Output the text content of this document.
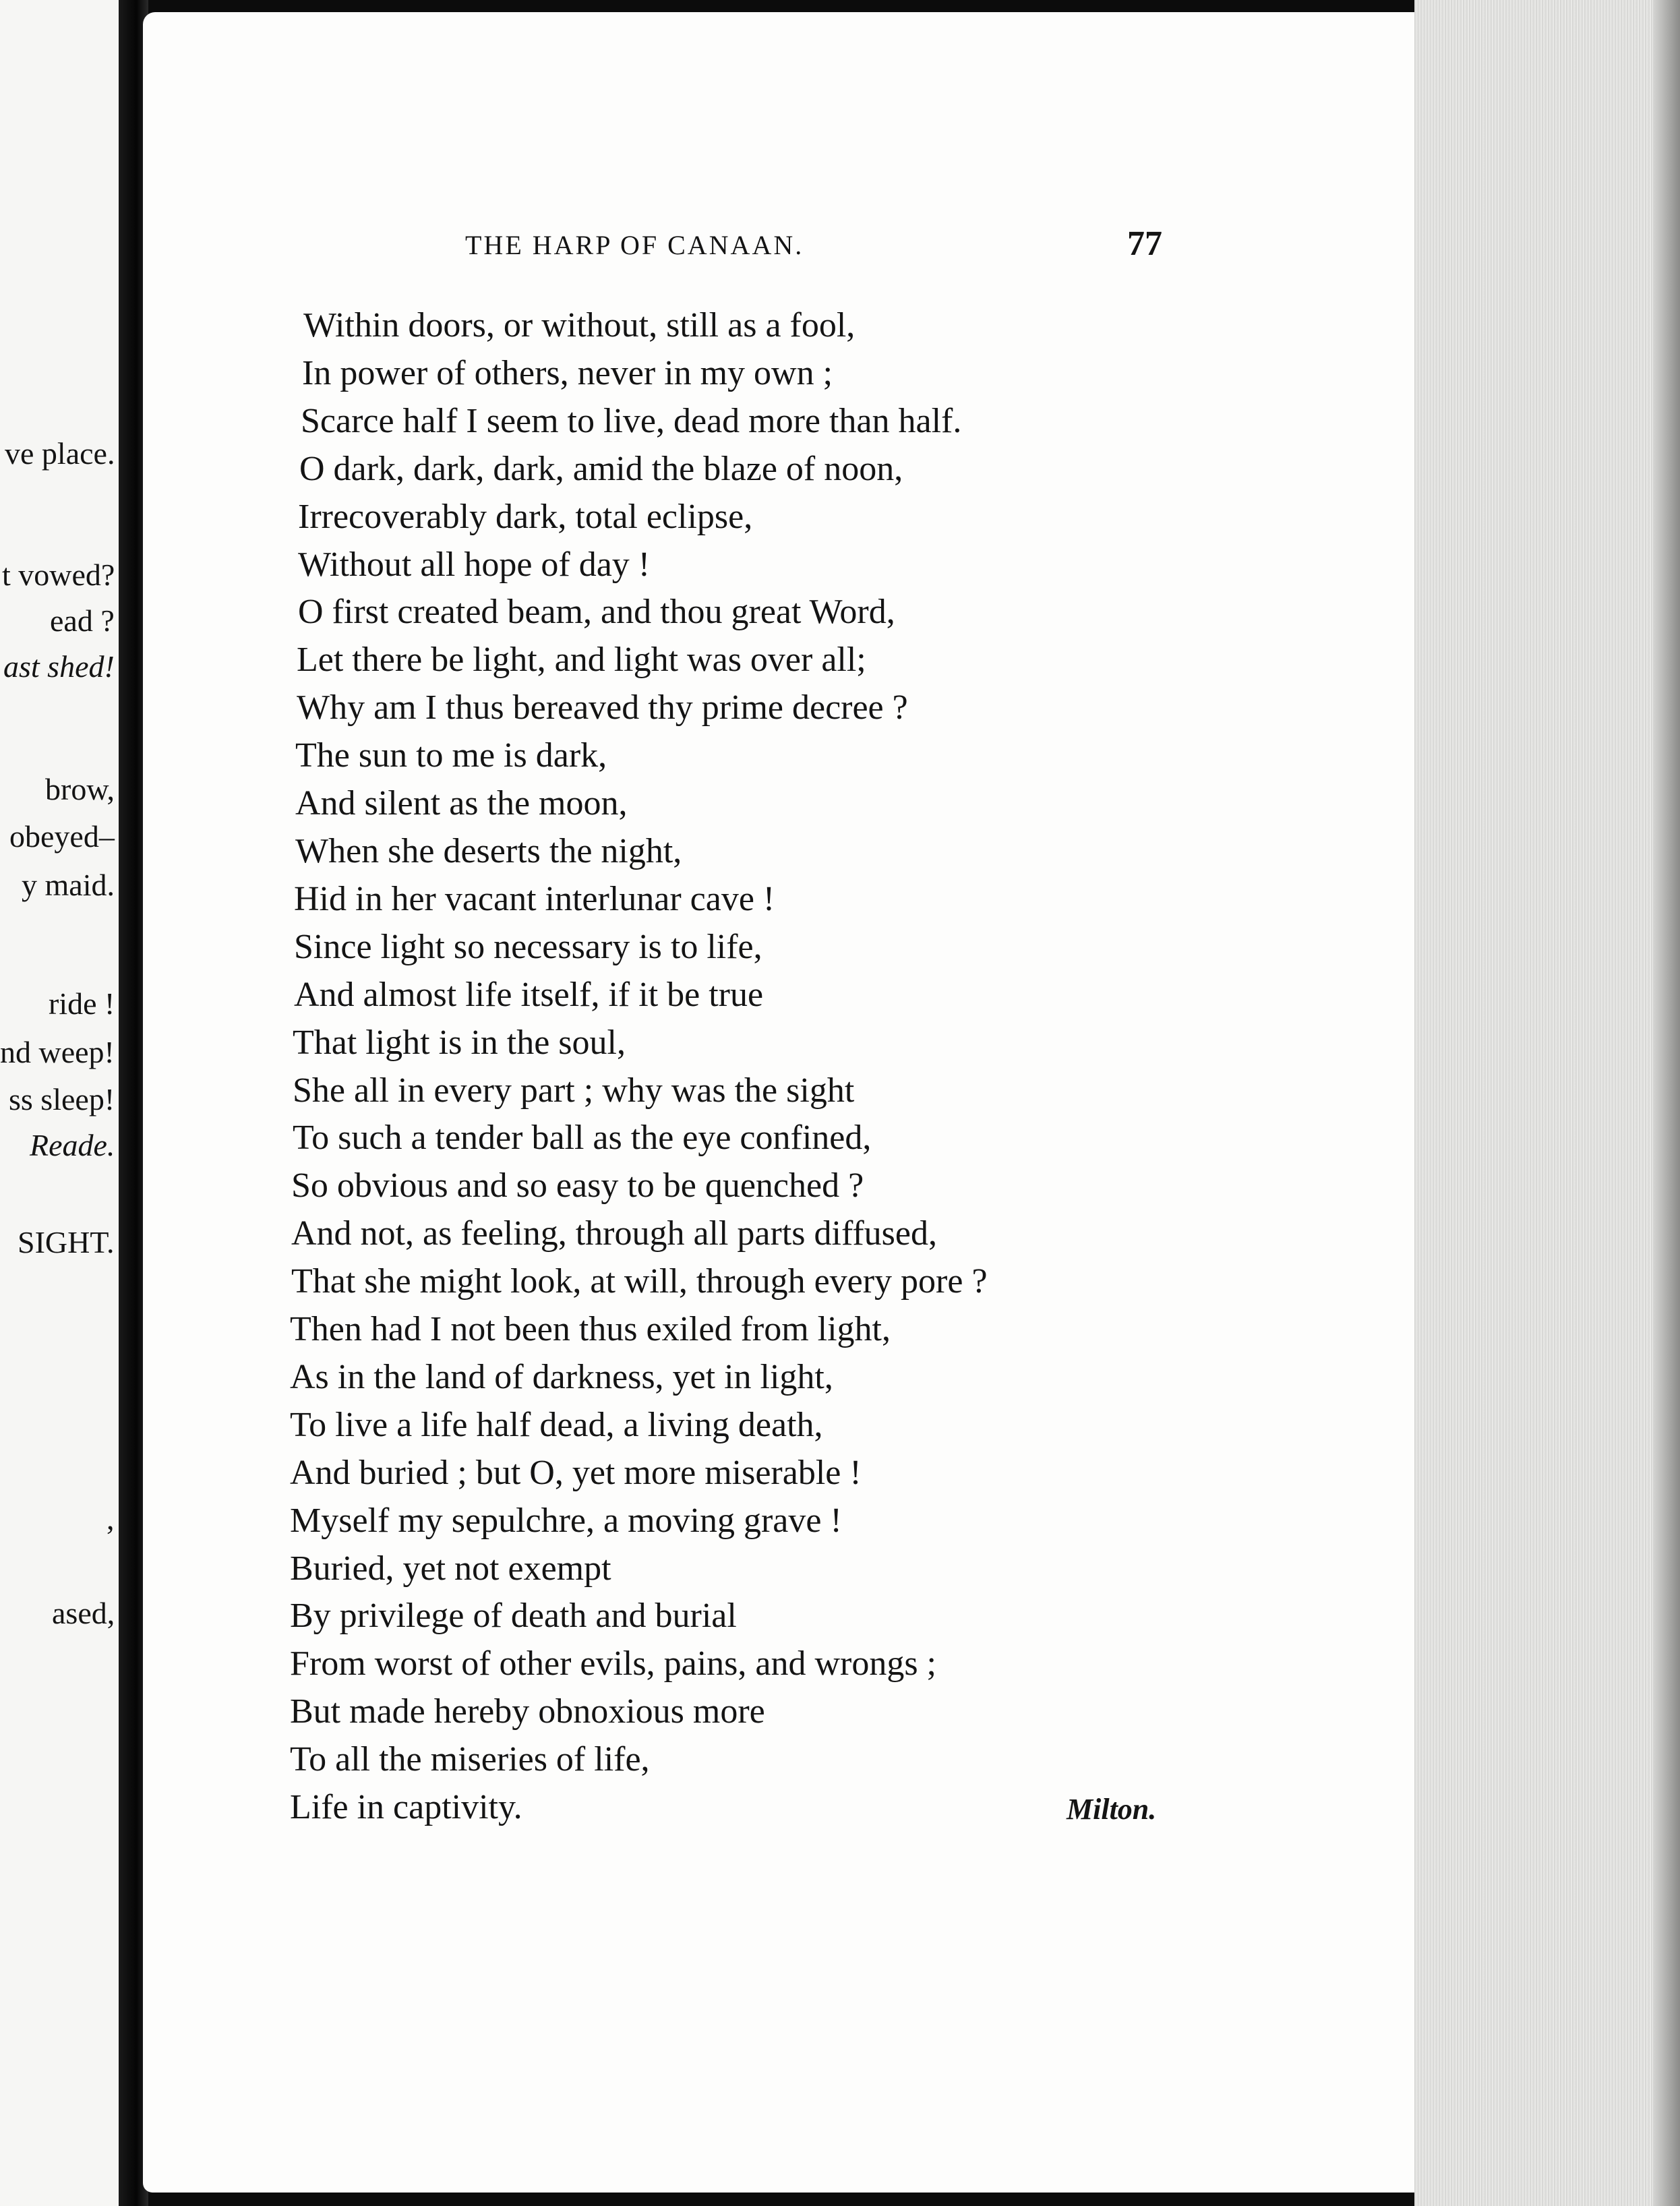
ve place.
t vowed?
ead ?
ast shed!
brow,
obeyed–
y maid.
ride !
nd weep!
ss sleep!
Reade.
SIGHT.
,
ased,
THE HARP OF CANAAN.	77
Within doors, or without, still as a fool,
In power of others, never in my own ;
Scarce half I seem to live, dead more than half.
O dark, dark, dark, amid the blaze of noon,
Irrecoverably dark, total eclipse,
Without all hope of day !
O first created beam, and thou great Word,
Let there be light, and light was over all;
Why am I thus bereaved thy prime decree ?
The sun to me is dark,
And silent as the moon,
When she deserts the night,
Hid in her vacant interlunar cave !
Since light so necessary is to life,
And almost life itself, if it be true
That light is in the soul,
She all in every part ; why was the sight
To such a tender ball as the eye confined,
So obvious and so easy to be quenched ?
And not, as feeling, through all parts diffused,
That she might look, at will, through every pore ?
Then had I not been thus exiled from light,
As in the land of darkness, yet in light,
To live a life half dead, a living death,
And buried ; but O, yet more miserable !
Myself my sepulchre, a moving grave !
Buried, yet not exempt
By privilege of death and burial
From worst of other evils, pains, and wrongs ;
But made hereby obnoxious more
To all the miseries of life,
Life in captivity.	Milton.
